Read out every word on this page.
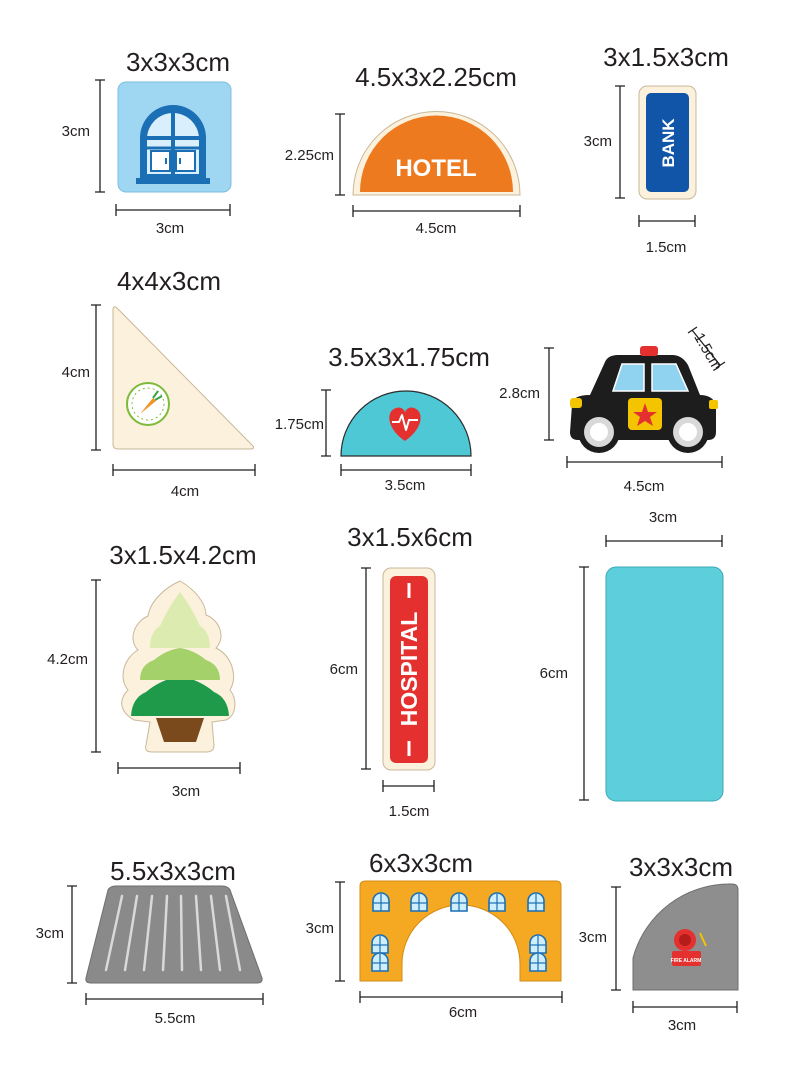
3x3x3cm
3cm
3cm
4.5x3x2.25cm
2.25cm
4.5cm
3x1.5x3cm
3cm
1.5cm
4x4x3cm
4cm
4cm
3.5x3x1.75cm
1.75cm
3.5cm
2.8cm
4.5cm
1.5cm
3x1.5x4.2cm
4.2cm
3cm
3x1.5x6cm
6cm
1.5cm
3cm
6cm
5.5x3x3cm
3cm
5.5cm
6x3x3cm
3cm
6cm
3x3x3cm
3cm
3cm
HOTEL
BANK
HOSPITAL
FIRE ALARM
